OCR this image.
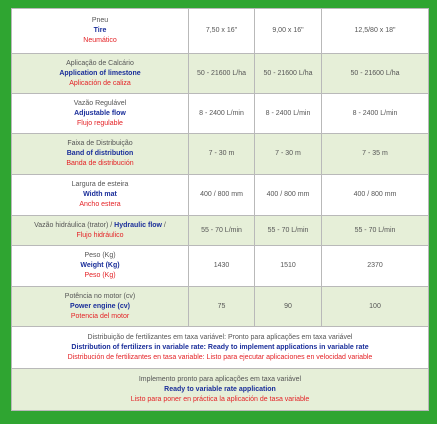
Pneu
Tire
Neumático	7,50 x 16"	9,00 x 16"	12,5/80 x 18"

Aplicação de Calcário
Application of limestone
Aplicación de caliza	50 - 21600 L/ha	50 - 21600 L/ha	50 - 21600 L/ha

Vazão Regulável
Adjustable flow
Flujo regulable	8 - 2400 L/min	8 - 2400 L/min	8 - 2400 L/min

Faixa de Distribuição
Band of distribution
Banda de distribución	7 - 30 m	7 - 30 m	7 - 35 m

Largura de esteira
Width mat
Ancho estera	400 / 800 mm	400 / 800 mm	400 / 800 mm

Vazão hidráulica (trator) / Hydraulic flow /
Flujo hidráulico	55 - 70 L/min	55 - 70 L/min	55 - 70 L/min

Peso (Kg)
Weight (Kg)
Peso (Kg)	1430	1510	2370

Potência no motor (cv)
Power engine (cv)
Potencia del motor	75	90	100

Distribuição de fertilizantes em taxa variável: Pronto para aplicações em taxa variável
Distribution of fertilizers in variable rate: Ready to implement applications in variable rate
Distribución de fertilizantes en tasa variable: Listo para ejecutar aplicaciones en velocidad variable			

Implemento pronto para aplicações em taxa variável
Ready to variable rate application
Listo para poner en práctica la aplicación de tasa variable			
